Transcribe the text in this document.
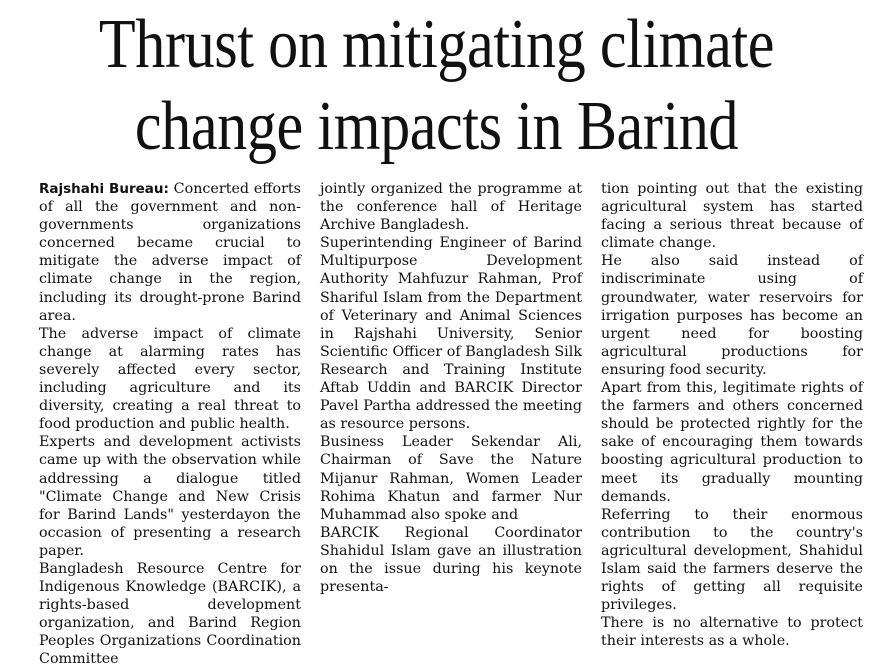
Thrust on mitigating climate
change impacts in Barind

Rajshahi Bureau: Concerted efforts of all the government and non-governments organizations concerned became crucial to mitigate the adverse impact of climate change in the region, including its drought-prone Barind area.

The adverse impact of climate change at alarming rates has severely affected every sector, including agriculture and its diversity, creating a real threat to food production and public health.

Experts and development activists came up with the observation while addressing a dialogue titled "Climate Change and New Crisis for Barind Lands" yesterdayon the occasion of presenting a research paper.

Bangladesh Resource Centre for Indigenous Knowledge (BARCIK), a rights-based development organization, and Barind Region Peoples Organizations Coordination Committee

jointly organized the programme at the conference hall of Heritage Archive Bangladesh.

Superintending Engineer of Barind Multipurpose Development Authority Mahfuzur Rahman, Prof Shariful Islam from the Department of Veterinary and Animal Sciences in Rajshahi University, Senior Scientific Officer of Bangladesh Silk Research and Training Institute Aftab Uddin and BARCIK Director Pavel Partha addressed the meeting as resource persons.

Business Leader Sekendar Ali, Chairman of Save the Nature Mijanur Rahman, Women Leader Rohima Khatun and farmer Nur Muhammad also spoke and

BARCIK Regional Coordinator Shahidul Islam gave an illustration on the issue during his keynote presenta-

tion pointing out that the existing agricultural system has started facing a serious threat because of climate change.

He also said instead of indiscriminate using of groundwater, water reservoirs for irrigation purposes has become an urgent need for boosting agricultural productions for ensuring food security.

Apart from this, legitimate rights of the farmers and others concerned should be protected rightly for the sake of encouraging them towards boosting agricultural production to meet its gradually mounting demands.

Referring to their enormous contribution to the country's agricultural development, Shahidul Islam said the farmers deserve the rights of getting all requisite privileges.

There is no alternative to protect their interests as a whole.
